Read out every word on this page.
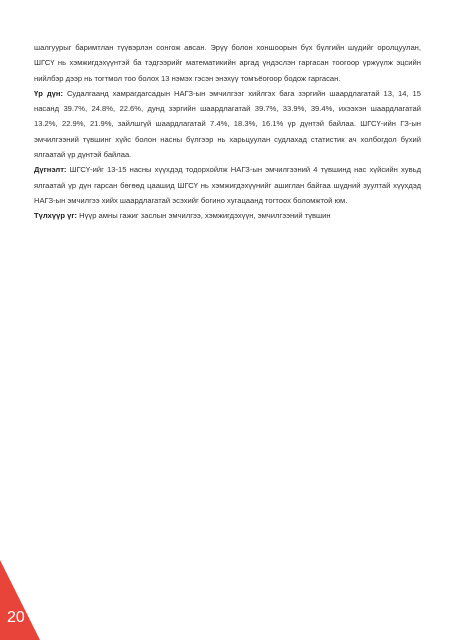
шалгуурыг баримтлан түүвэрлэн сонгож авсан. Эрүү болон хоншоорын бүх бүлгийн шүдийг оролцуулан, ШГСҮ нь хэмжигдэхүүнтэй ба тэдгээрийг математикийн аргад үндэслэн гаргасан тоогоор үржүүлж эцсийн нийлбэр дээр нь тогтмол тоо болох 13 нэмэх гэсэн энэхүү томъёогоор бодож гаргасан.

Үр дүн: Судалгаанд хамрагдагсадын НАГЗ-ын эмчилгээг хийлгэх бага зэргийн шаардлагатай 13, 14, 15 насанд 39.7%, 24.8%, 22.6%, дунд зэргийн шаардлагатай 39.7%, 33.9%, 39.4%, ихээхэн шаардлагатай 13.2%, 22.9%, 21.9%, зайлшгүй шаардлагатай 7.4%, 18.3%, 16.1% үр дүнтэй байлаа. ШГСҮ-ийн ГЗ-ын эмчилгээний түвшинг хүйс болон насны бүлгээр нь харьцуулан судлахад статистик ач холбогдол бүхий ялгаатай үр дүнтэй байлаа.

Дүгнэлт: ШГСҮ-ийг 13-15 насны хүүхдэд тодорхойлж НАГЗ-ын эмчилгээний 4 түвшинд нас хүйсийн хувьд ялгаатай үр дүн гарсан бөгөөд цаашид ШГСҮ нь хэмжигдэхүүнийг ашиглан байгаа шүдний зуултай хүүхдэд НАГЗ-ын эмчилгээ хийх шаардлагатай эсэхийг богино хугацаанд тогтоох боломжтой юм.

Түлхүүр үг: Нүүр амны гажиг заслын эмчилгээ, хэмжигдэхүүн, эмчилгээний түвшин

20
